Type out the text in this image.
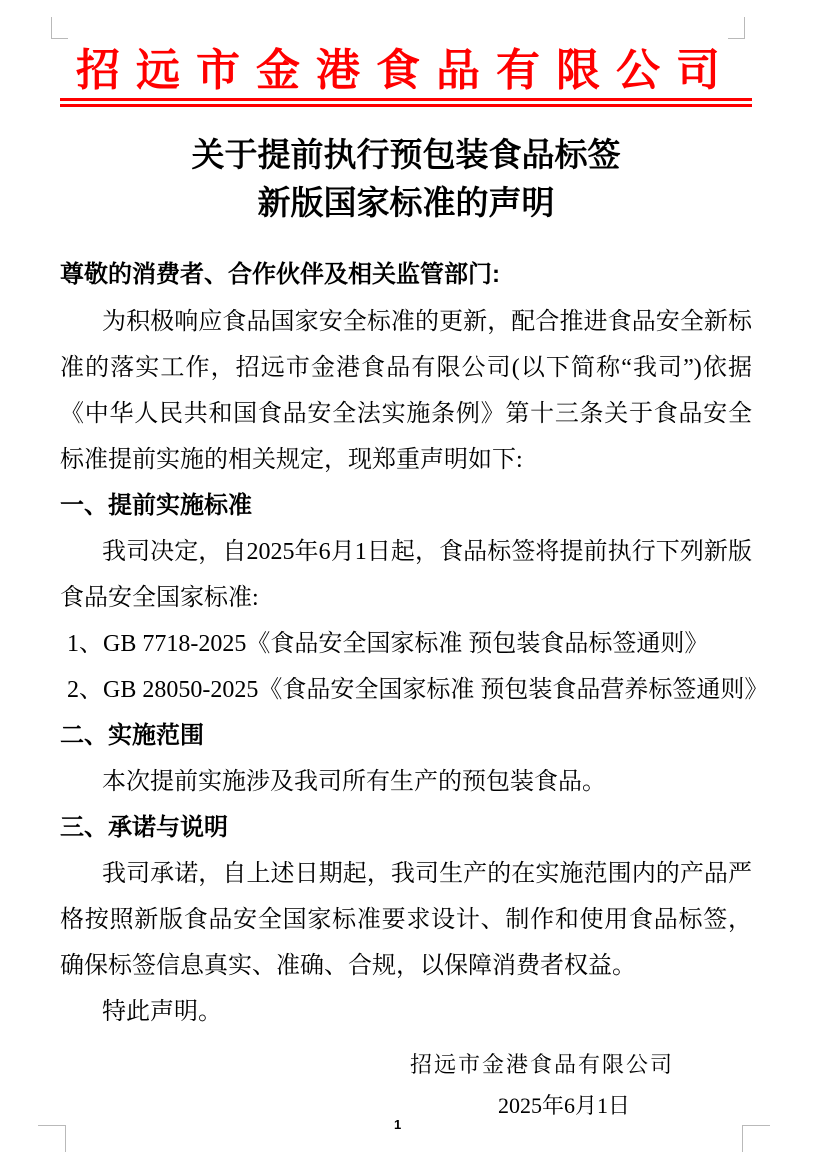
招远市金港食品有限公司
关于提前执行预包装食品标签
新版国家标准的声明
尊敬的消费者、合作伙伴及相关监管部门:

为积极响应食品国家安全标准的更新，配合推进食品安全新标准的落实工作，招远市金港食品有限公司(以下简称“我司”)依据《中华人民共和国食品安全法实施条例》第十三条关于食品安全标准提前实施的相关规定，现郑重声明如下:

一、提前实施标准

我司决定，自2025年6月1日起，食品标签将提前执行下列新版食品安全国家标准:

1、GB 7718-2025《食品安全国家标准 预包装食品标签通则》
2、GB 28050-2025《食品安全国家标准 预包装食品营养标签通则》
二、实施范围

本次提前实施涉及我司所有生产的预包装食品。

三、承诺与说明

我司承诺，自上述日期起，我司生产的在实施范围内的产品严格按照新版食品安全国家标准要求设计、制作和使用食品标签，确保标签信息真实、准确、合规，以保障消费者权益。

特此声明。
招远市金港食品有限公司
2025年6月1日
1
